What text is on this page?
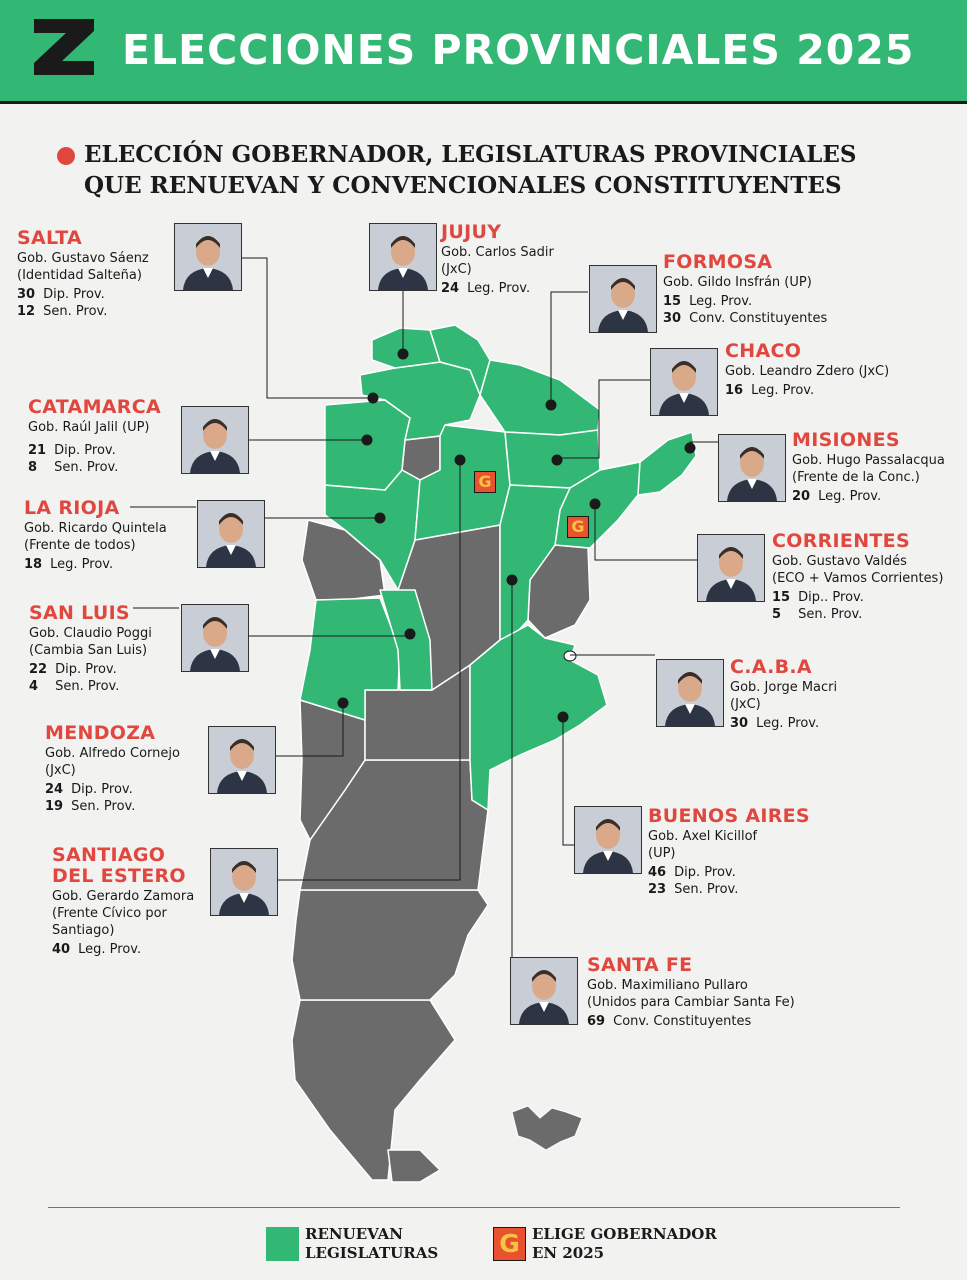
ELECCIONES PROVINCIALES 2025
ELECCIÓN GOBERNADOR, LEGISLATURAS PROVINCIALES
QUE RENUEVAN Y CONVENCIONALES CONSTITUYENTES
G
G
SALTA
Gob. Gustavo Sáenz
(Identidad Salteña)
30 Dip. Prov.
12 Sen. Prov.
JUJUY
Gob. Carlos Sadir
(JxC)
24 Leg. Prov.
FORMOSA
Gob. Gildo Insfrán (UP)
15 Leg. Prov.
30 Conv. Constituyentes
CHACO
Gob. Leandro Zdero (JxC)
16 Leg. Prov.
CATAMARCA
Gob. Raúl Jalil (UP)
21 Dip. Prov.
8 Sen. Prov.
MISIONES
Gob. Hugo Passalacqua
(Frente de la Conc.)
20 Leg. Prov.
LA RIOJA
Gob. Ricardo Quintela
(Frente de todos)
18 Leg. Prov.
CORRIENTES
Gob. Gustavo Valdés
(ECO + Vamos Corrientes)
15 Dip.. Prov.
5 Sen. Prov.
SAN LUIS
Gob. Claudio Poggi
(Cambia San Luis)
22 Dip. Prov.
4 Sen. Prov.
C.A.B.A
Gob. Jorge Macri
(JxC)
30 Leg. Prov.
MENDOZA
Gob. Alfredo Cornejo
(JxC)
24 Dip. Prov.
19 Sen. Prov.	BUENOS AIRES
Gob. Axel Kicillof
(UP)
46 Dip. Prov.
23 Sen. Prov.
SANTIAGO
DEL ESTERO
Gob. Gerardo Zamora
(Frente Cívico por
Santiago)
40 Leg. Prov.
SANTA FE
Gob. Maximiliano Pullaro
(Unidos para Cambiar Santa Fe)
69 Conv. Constituyentes
RENUEVAN
LEGISLATURAS G ELIGE GOBERNADOR
EN 2025
